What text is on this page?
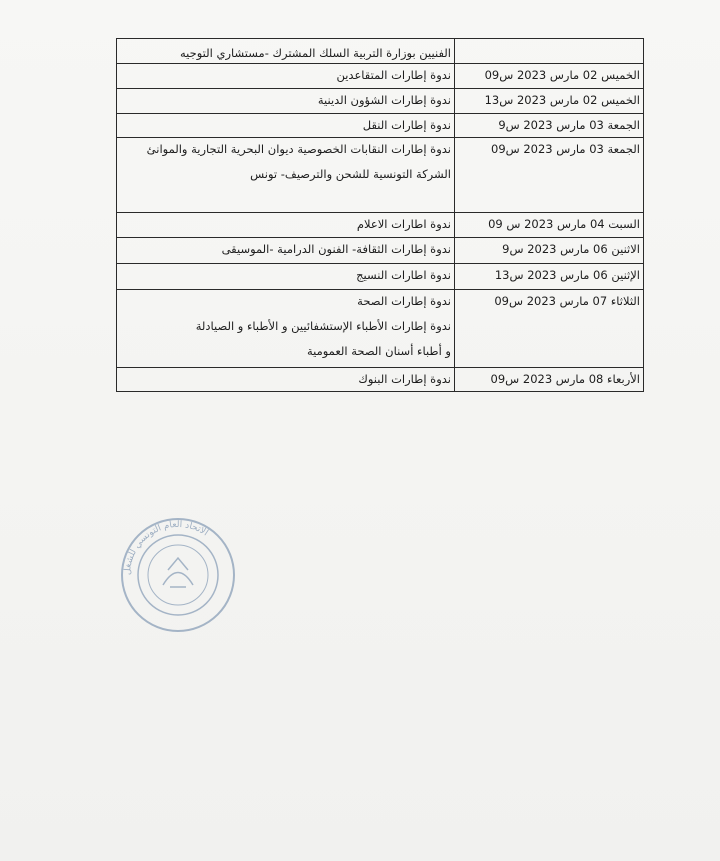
	الفنيين بوزارة التربية السلك المشترك -مستشاري التوجيه

الخميس 02 مارس 2023 س09	ندوة إطارات المتقاعدين

الخميس 02 مارس 2023 س13	ندوة إطارات الشؤون الدينية

الجمعة 03 مارس 2023 س9	ندوة إطارات النقل

الجمعة 03 مارس 2023 س09	ندوة إطارات النقابات الخصوصية ديوان البحرية التجارية والموانئ
الشركة التونسية للشحن والترصيف- تونس

السبت 04 مارس 2023 س 09	ندوة اطارات الاعلام

الاثنين 06 مارس 2023 س9	ندوة إطارات الثقافة- الفنون الدرامية -الموسيقى

الإثنين 06 مارس 2023 س13	ندوة اطارات النسيج

الثلاثاء 07 مارس 2023 س09	ندوة إطارات الصحة
ندوة إطارات الأطباء الإستشفائيين و الأطباء و الصيادلة
و أطباء أسنان الصحة العمومية

الأربعاء 08 مارس 2023 س09	ندوة إطارات البنوك
الاتحاد العام التونسي للشغل
